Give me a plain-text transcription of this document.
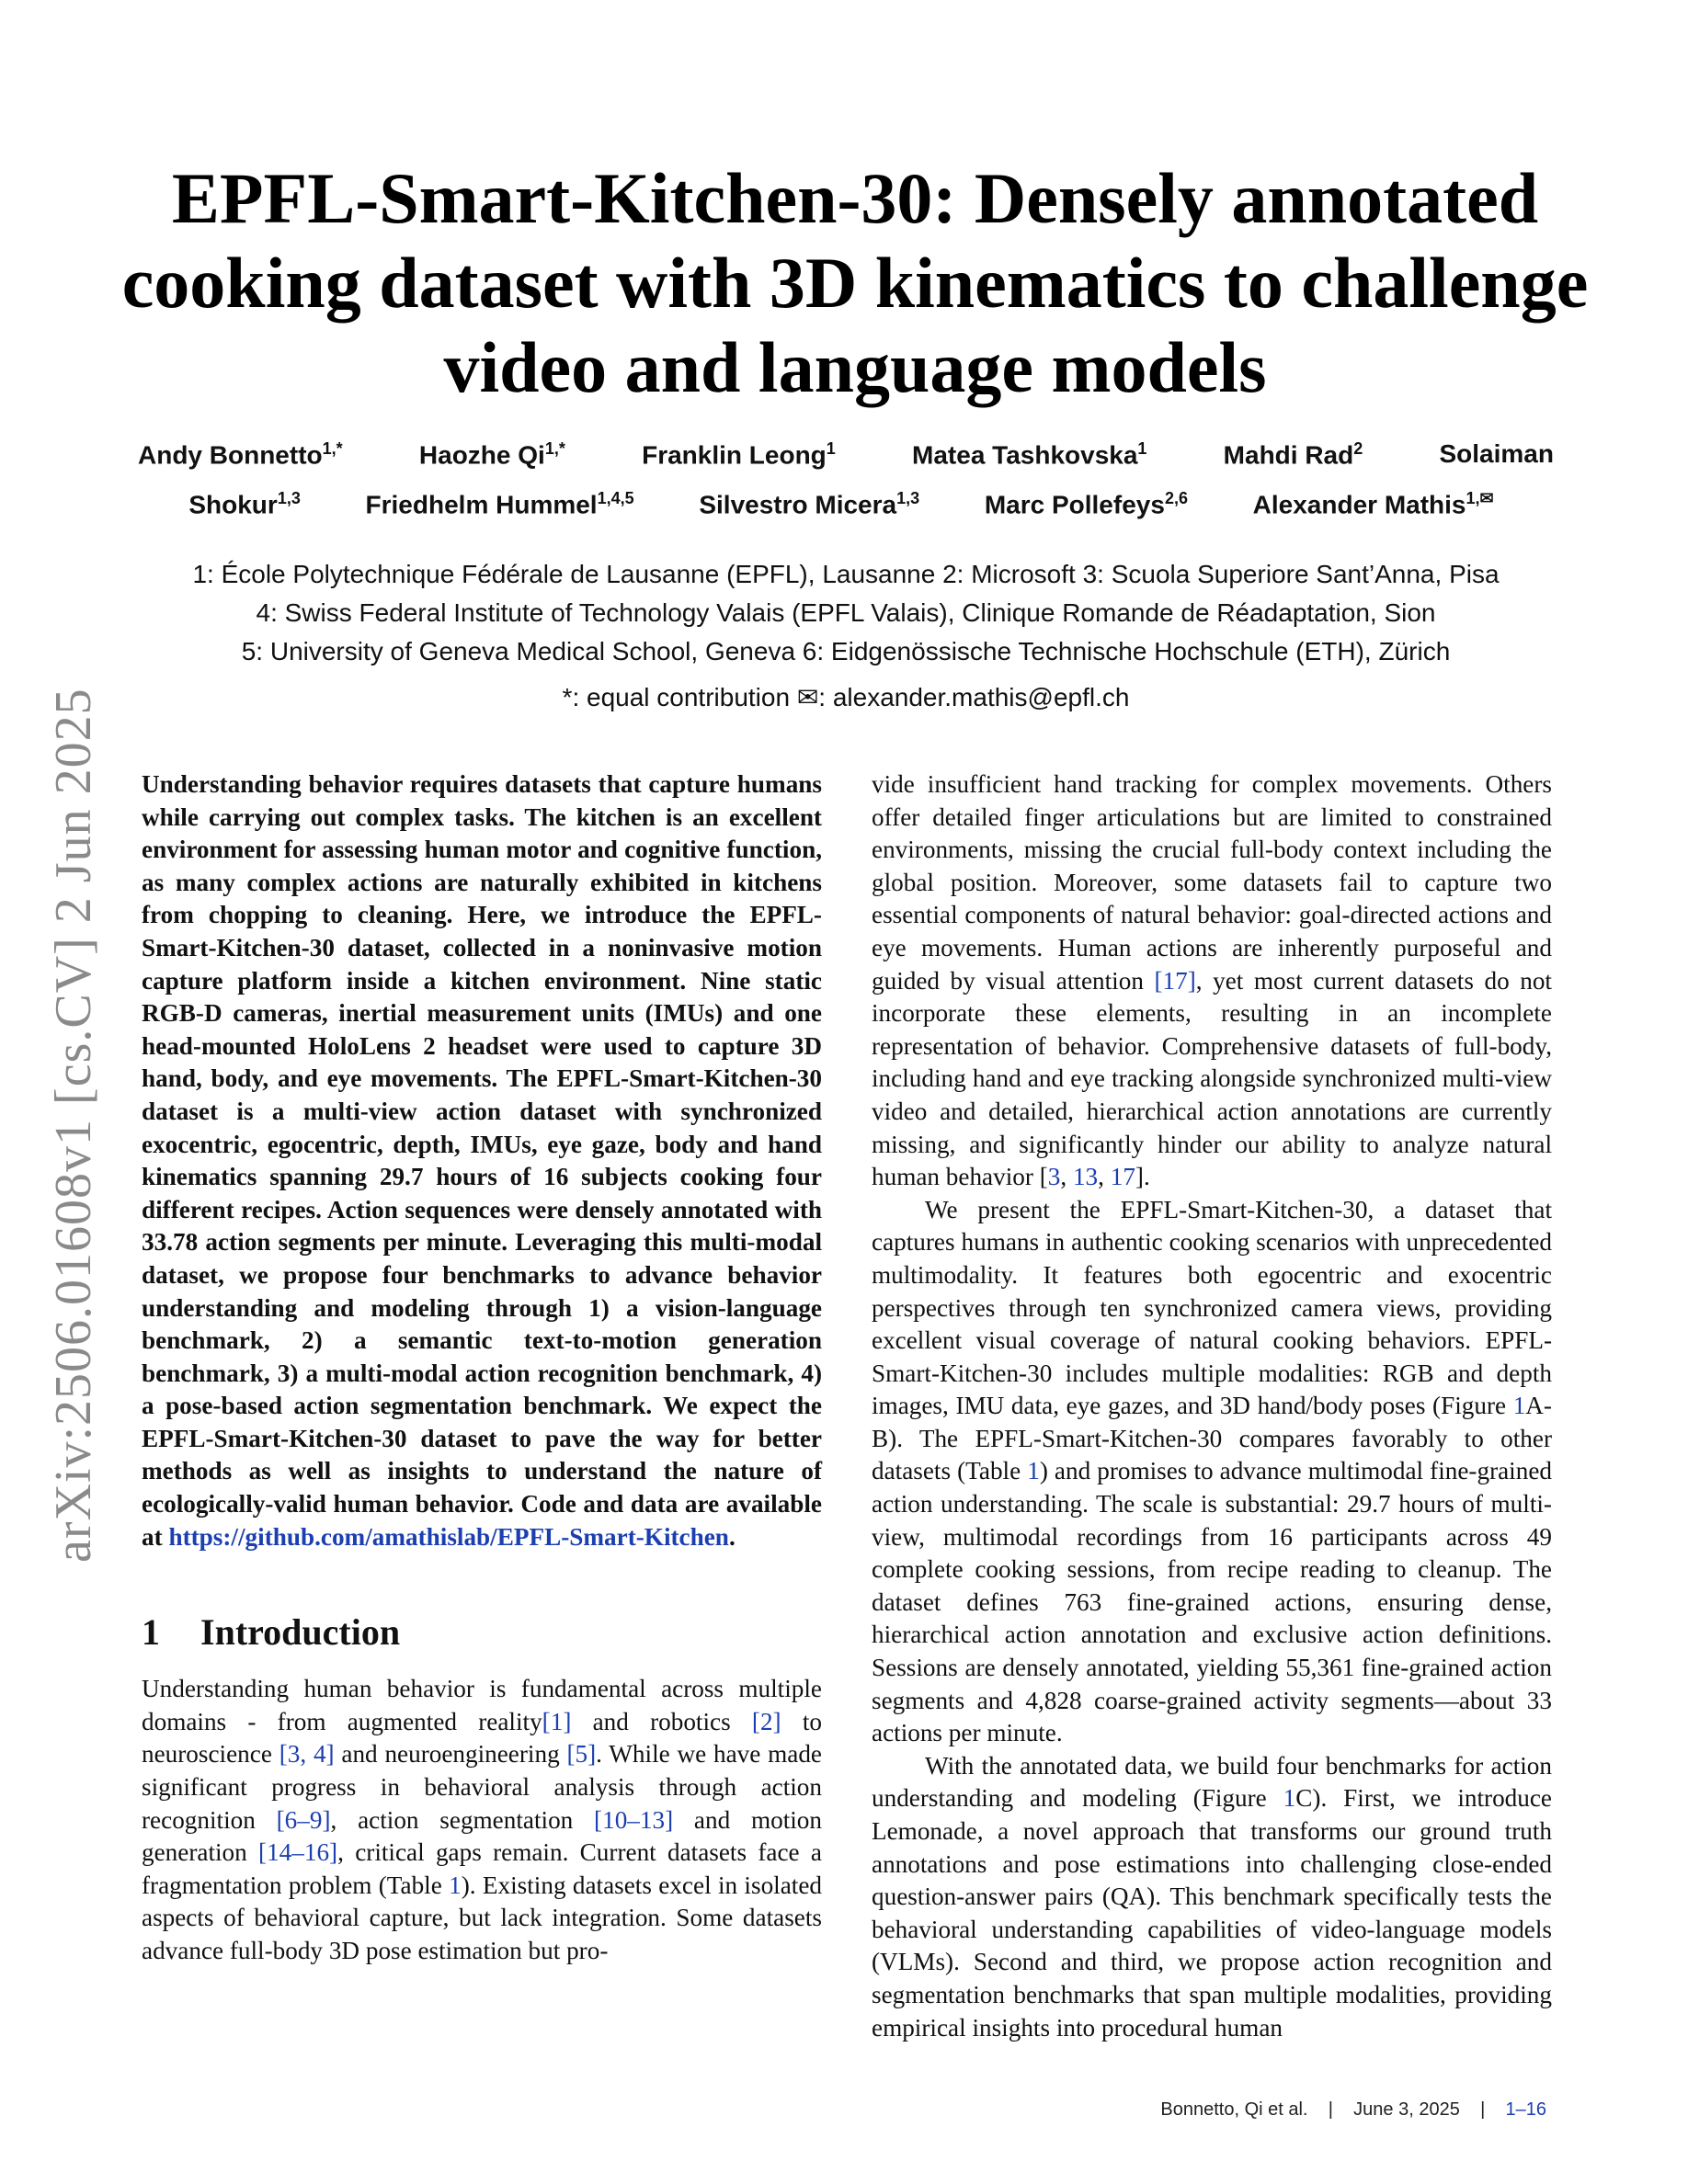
arXiv:2506.01608v1 [cs.CV] 2 Jun 2025
EPFL-Smart-Kitchen-30: Densely annotated cooking dataset with 3D kinematics to challenge video and language models
Andy Bonnetto$^{1,*}$	Haozhe $Qi^{1,*}$	Franklin Leong$^1$	Matea Tashkovska$^1$	Mahdi Rad$^2$	Solaiman
Shokur$^{1,3}$	Friedhelm Hummel$^{1,4,5}$	Silvestro Micera$^{1,3}$	Marc Pollefeys$^{2,6}$	Alexander Mathis$^{1,✉}$
1: École Polytechnique Fédérale de Lausanne (EPFL), Lausanne 2: Microsoft 3: Scuola Superiore Sant’Anna, Pisa
4: Swiss Federal Institute of Technology Valais (EPFL Valais), Clinique Romande de Réadaptation, Sion
5: University of Geneva Medical School, Geneva 6: Eidgenössische Technische Hochschule (ETH), Zürich
*: equal contribution ✉: alexander.mathis@epfl.ch

Understanding behavior requires datasets that capture humans while carrying out complex tasks. The kitchen is an excellent environment for assessing human motor and cognitive function, as many complex actions are naturally exhibited in kitchens from chopping to cleaning. Here, we introduce the EPFL-Smart-Kitchen-30 dataset, collected in a noninvasive motion capture platform inside a kitchen environment. Nine static RGB-D cameras, inertial measurement units (IMUs) and one head-mounted HoloLens 2 headset were used to capture 3D hand, body, and eye movements. The EPFL-Smart-Kitchen-30 dataset is a multi-view action dataset with synchronized exocentric, egocentric, depth, IMUs, eye gaze, body and hand kinematics spanning 29.7 hours of 16 subjects cooking four different recipes. Action sequences were densely annotated with 33.78 action segments per minute. Leveraging this multi-modal dataset, we propose four benchmarks to advance behavior understanding and modeling through 1) a vision-language benchmark, 2) a semantic text-to-motion generation benchmark, 3) a multi-modal action recognition benchmark, 4) a pose-based action segmentation benchmark. We expect the EPFL-Smart-Kitchen-30 dataset to pave the way for better methods as well as insights to understand the nature of ecologically-valid human behavior. Code and data are available at https://github.com/amathislab/EPFL-Smart-Kitchen.

1 Introduction

Understanding human behavior is fundamental across multiple domains - from augmented reality[1] and robotics [2] to neuroscience [3, 4] and neuroengineering [5]. While we have made significant progress in behavioral analysis through action recognition [6–9], action segmentation [10–13] and motion generation [14–16], critical gaps remain. Current datasets face a fragmentation problem (Table 1). Existing datasets excel in isolated aspects of behavioral capture, but lack integration. Some datasets advance full-body 3D pose estimation but pro-

vide insufficient hand tracking for complex movements. Others offer detailed finger articulations but are limited to constrained environments, missing the crucial full-body context including the global position. Moreover, some datasets fail to capture two essential components of natural behavior: goal-directed actions and eye movements. Human actions are inherently purposeful and guided by visual attention [17], yet most current datasets do not incorporate these elements, resulting in an incomplete representation of behavior. Comprehensive datasets of full-body, including hand and eye tracking alongside synchronized multi-view video and detailed, hierarchical action annotations are currently missing, and significantly hinder our ability to analyze natural human behavior [3, 13, 17].

We present the EPFL-Smart-Kitchen-30, a dataset that captures humans in authentic cooking scenarios with unprecedented multimodality. It features both egocentric and exocentric perspectives through ten synchronized camera views, providing excellent visual coverage of natural cooking behaviors. EPFL-Smart-Kitchen-30 includes multiple modalities: RGB and depth images, IMU data, eye gazes, and 3D hand/body poses (Figure 1A-B). The EPFL-Smart-Kitchen-30 compares favorably to other datasets (Table 1) and promises to advance multimodal fine-grained action understanding. The scale is substantial: 29.7 hours of multi-view, multimodal recordings from 16 participants across 49 complete cooking sessions, from recipe reading to cleanup. The dataset defines 763 fine-grained actions, ensuring dense, hierarchical action annotation and exclusive action definitions. Sessions are densely annotated, yielding 55,361 fine-grained action segments and 4,828 coarse-grained activity segments—about 33 actions per minute.

With the annotated data, we build four benchmarks for action understanding and modeling (Figure 1C). First, we introduce Lemonade, a novel approach that transforms our ground truth annotations and pose estimations into challenging close-ended question-answer pairs (QA). This benchmark specifically tests the behavioral understanding capabilities of video-language models (VLMs). Second and third, we propose action recognition and segmentation benchmarks that span multiple modalities, providing empirical insights into procedural human

Bonnetto, Qi et al. | June 3, 2025 | 1–16
